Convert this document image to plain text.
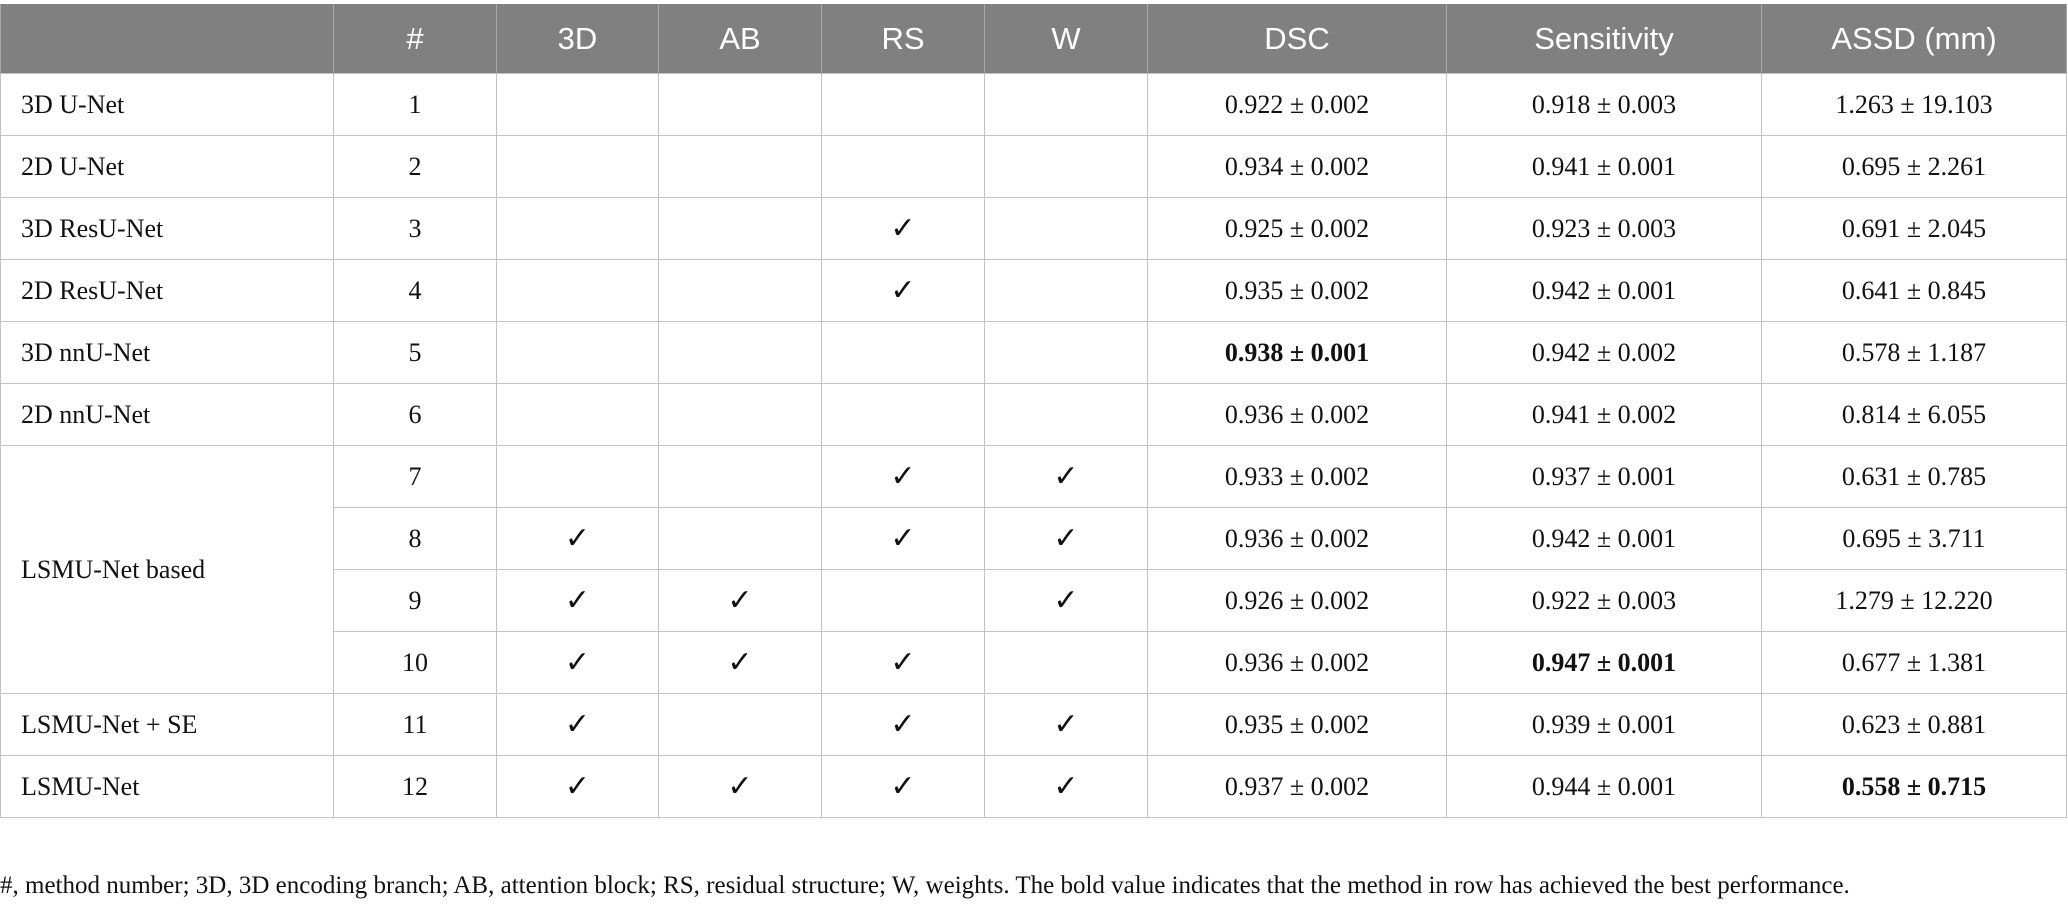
	#	3D	AB	RS	W	DSC	Sensitivity	ASSD (mm)
3D U-Net	1					0.922 ± 0.002	0.918 ± 0.003	1.263 ± 19.103
2D U-Net	2					0.934 ± 0.002	0.941 ± 0.001	0.695 ± 2.261
3D ResU-Net	3			✓		0.925 ± 0.002	0.923 ± 0.003	0.691 ± 2.045
2D ResU-Net	4			✓		0.935 ± 0.002	0.942 ± 0.001	0.641 ± 0.845
3D nnU-Net	5					0.938 ± 0.001	0.942 ± 0.002	0.578 ± 1.187
2D nnU-Net	6					0.936 ± 0.002	0.941 ± 0.002	0.814 ± 6.055
LSMU-Net based	7			✓	✓	0.933 ± 0.002	0.937 ± 0.001	0.631 ± 0.785
	8	✓		✓	✓	0.936 ± 0.002	0.942 ± 0.001	0.695 ± 3.711
	9	✓	✓		✓	0.926 ± 0.002	0.922 ± 0.003	1.279 ± 12.220
	10	✓	✓	✓		0.936 ± 0.002	0.947 ± 0.001	0.677 ± 1.381
LSMU-Net + SE	11	✓		✓	✓	0.935 ± 0.002	0.939 ± 0.001	0.623 ± 0.881
LSMU-Net	12	✓	✓	✓	✓	0.937 ± 0.002	0.944 ± 0.001	0.558 ± 0.715
#, method number; 3D, 3D encoding branch; AB, attention block; RS, residual structure; W, weights. The bold value indicates that the method in row has achieved the best performance.
